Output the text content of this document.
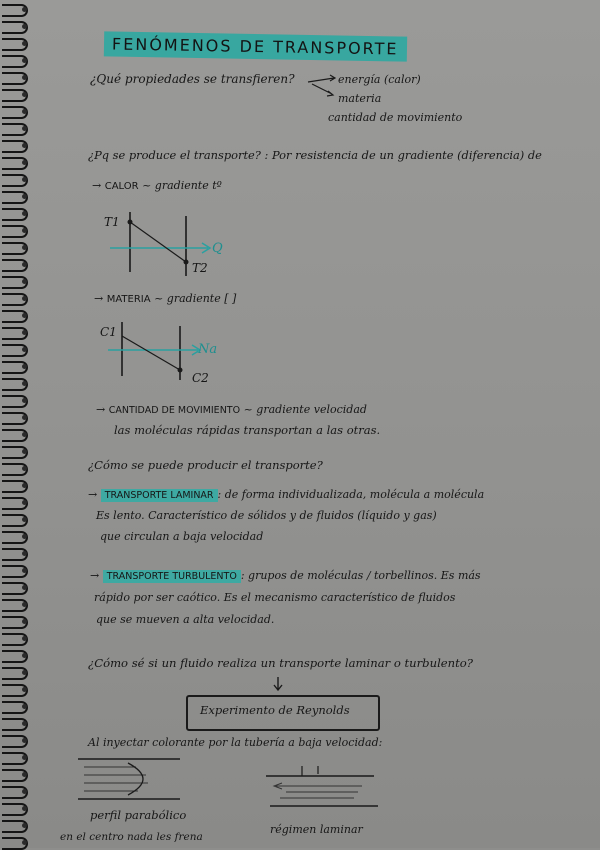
FENÓMENOS DE TRANSPORTE
¿Qué propiedades se transfieren?	energía (calor)
materia
cantidad de movimiento
¿Pq se produce el transporte? : Por resistencia de un gradiente (diferencia) de
→ CALOR ~ gradiente tº
T1
T2
Q
→ MATERIA ~ gradiente [ ]
C1
C2
Na
→ CANTIDAD DE MOVIMIENTO ~ gradiente velocidad
las moléculas rápidas transportan a las otras.
¿Cómo se puede producir el transporte?
→ TRANSPORTE LAMINAR : de forma individualizada, molécula a molécula
Es lento. Característico de sólidos y de fluidos (líquido y gas)
que circulan a baja velocidad
→ TRANSPORTE TURBULENTO : grupos de moléculas / torbellinos. Es más
rápido por ser caótico. Es el mecanismo característico de fluidos
que se mueven a alta velocidad.
¿Cómo sé si un fluido realiza un transporte laminar o turbulento?
Experimento de Reynolds
Al inyectar colorante por la tubería a baja velocidad:
perfil parabólico
en el centro nada les frena
régimen laminar
